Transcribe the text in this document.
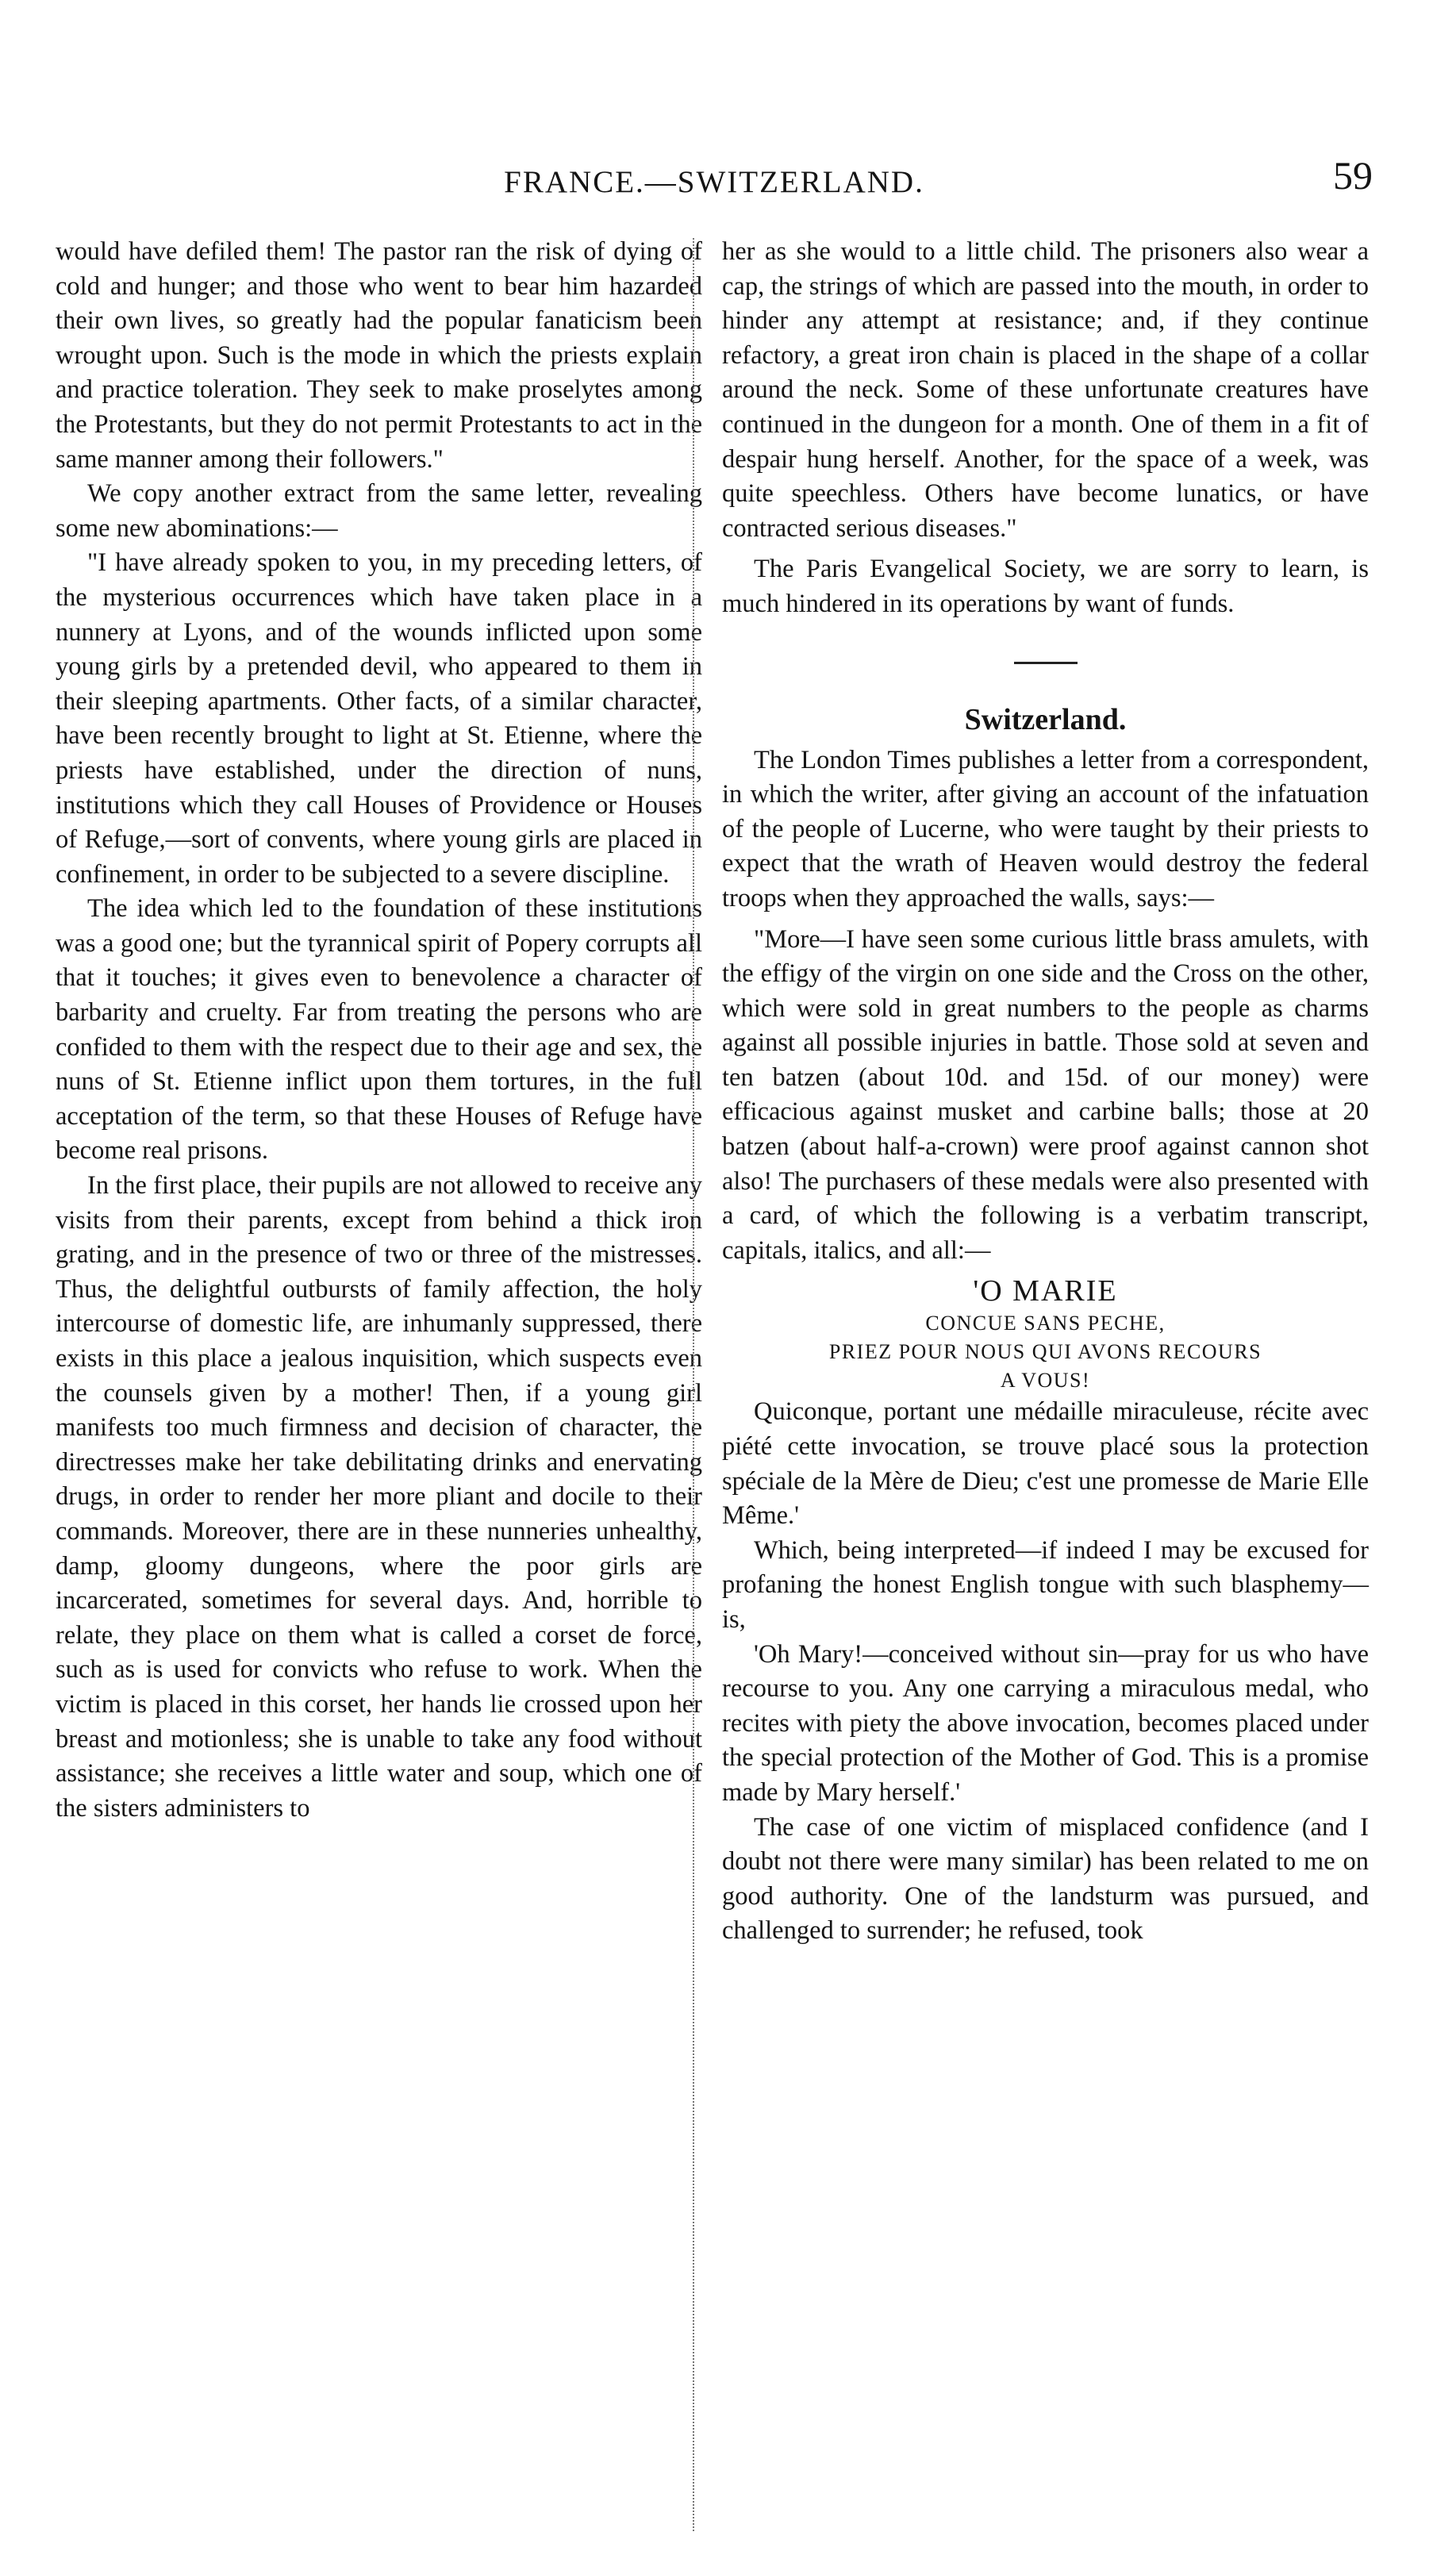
FRANCE.—SWITZERLAND.	59

would have defiled them! The pastor ran the risk of dying of cold and hunger; and those who went to bear him hazarded their own lives, so greatly had the popular fanaticism been wrought upon. Such is the mode in which the priests explain and practice toleration. They seek to make proselytes among the Protestants, but they do not permit Protestants to act in the same manner among their followers."

We copy another extract from the same letter, revealing some new abominations:—

"I have already spoken to you, in my preceding letters, of the mysterious occurrences which have taken place in a nunnery at Lyons, and of the wounds inflicted upon some young girls by a pretended devil, who appeared to them in their sleeping apartments. Other facts, of a similar character, have been recently brought to light at St. Etienne, where the priests have established, under the direction of nuns, institutions which they call Houses of Providence or Houses of Refuge,—sort of convents, where young girls are placed in confinement, in order to be subjected to a severe discipline.

The idea which led to the foundation of these institutions was a good one; but the tyrannical spirit of Popery corrupts all that it touches; it gives even to benevolence a character of barbarity and cruelty. Far from treating the persons who are confided to them with the respect due to their age and sex, the nuns of St. Etienne inflict upon them tortures, in the full acceptation of the term, so that these Houses of Refuge have become real prisons.

In the first place, their pupils are not allowed to receive any visits from their parents, except from behind a thick iron grating, and in the presence of two or three of the mistresses. Thus, the delightful outbursts of family affection, the holy intercourse of domestic life, are inhumanly suppressed, there exists in this place a jealous inquisition, which suspects even the counsels given by a mother! Then, if a young girl manifests too much firmness and decision of character, the directresses make her take debilitating drinks and enervating drugs, in order to render her more pliant and docile to their commands. Moreover, there are in these nunneries unhealthy, damp, gloomy dungeons, where the poor girls are incarcerated, sometimes for several days. And, horrible to relate, they place on them what is called a corset de force, such as is used for convicts who refuse to work. When the victim is placed in this corset, her hands lie crossed upon her breast and motionless; she is unable to take any food without assistance; she receives a little water and soup, which one of the sisters administers to

her as she would to a little child. The prisoners also wear a cap, the strings of which are passed into the mouth, in order to hinder any attempt at resistance; and, if they continue refactory, a great iron chain is placed in the shape of a collar around the neck. Some of these unfortunate creatures have continued in the dungeon for a month. One of them in a fit of despair hung herself. Another, for the space of a week, was quite speechless. Others have become lunatics, or have contracted serious diseases."

The Paris Evangelical Society, we are sorry to learn, is much hindered in its operations by want of funds.

Switzerland.

The London Times publishes a letter from a correspondent, in which the writer, after giving an account of the infatuation of the people of Lucerne, who were taught by their priests to expect that the wrath of Heaven would destroy the federal troops when they approached the walls, says:—

"More—I have seen some curious little brass amulets, with the effigy of the virgin on one side and the Cross on the other, which were sold in great numbers to the people as charms against all possible injuries in battle. Those sold at seven and ten batzen (about 10d. and 15d. of our money) were efficacious against musket and carbine balls; those at 20 batzen (about half-a-crown) were proof against cannon shot also! The purchasers of these medals were also presented with a card, of which the following is a verbatim transcript, capitals, italics, and all:—

'O MARIE
CONCUE SANS PECHE,
PRIEZ POUR NOUS QUI AVONS RECOURS
A VOUS!

Quiconque, portant une médaille miraculeuse, récite avec piété cette invocation, se trouve placé sous la protection spéciale de la Mère de Dieu; c'est une promesse de Marie Elle Même.'

Which, being interpreted—if indeed I may be excused for profaning the honest English tongue with such blasphemy—is,

'Oh Mary!—conceived without sin—pray for us who have recourse to you. Any one carrying a miraculous medal, who recites with piety the above invocation, becomes placed under the special protection of the Mother of God. This is a promise made by Mary herself.'

The case of one victim of misplaced confidence (and I doubt not there were many similar) has been related to me on good authority. One of the landsturm was pursued, and challenged to surrender; he refused, took
